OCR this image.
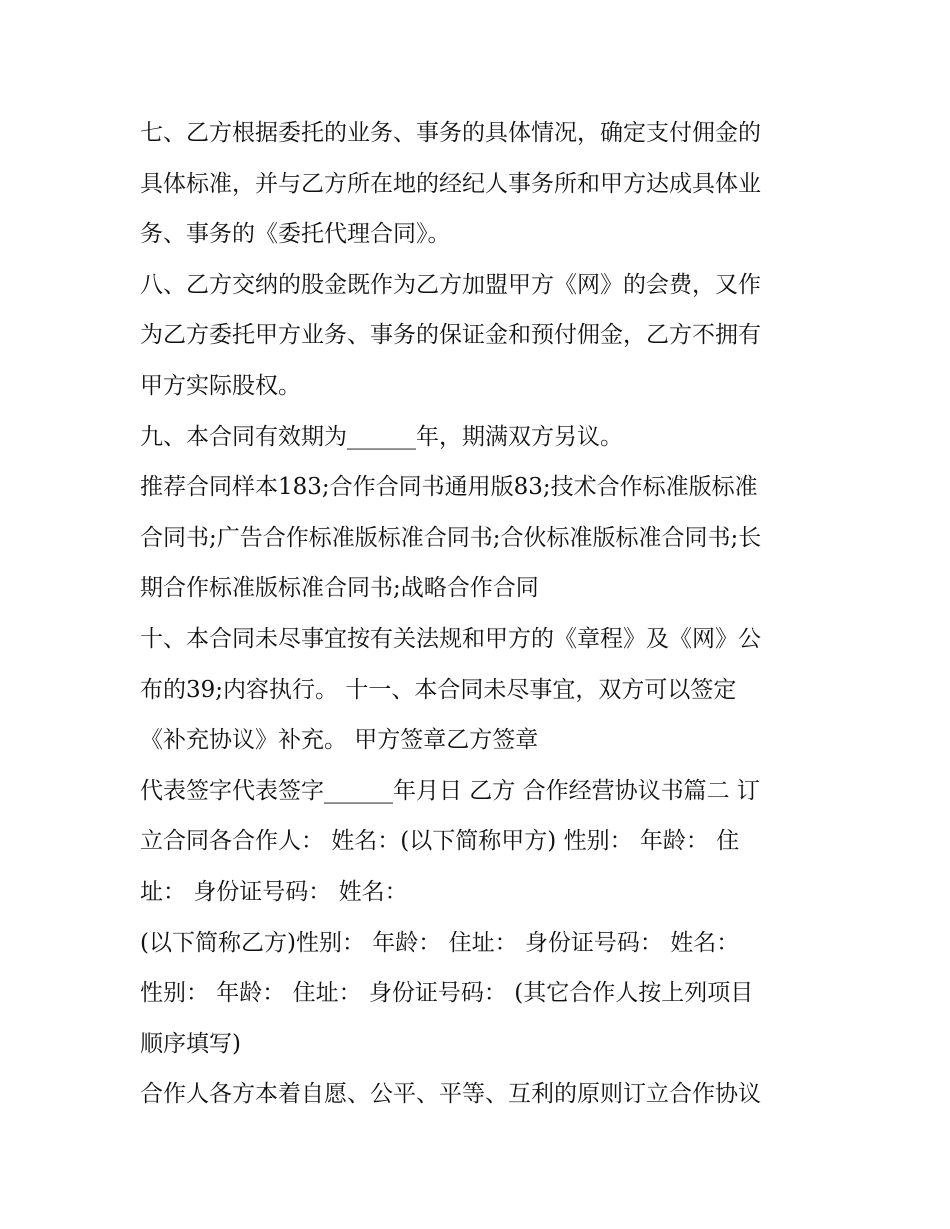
七、乙方根据委托的业务、事务的具体情况，确定支付佣金的
具体标准，并与乙方所在地的经纪人事务所和甲方达成具体业
务、事务的《委托代理合同》。
八、乙方交纳的股金既作为乙方加盟甲方《网》的会费，又作
为乙方委托甲方业务、事务的保证金和预付佣金，乙方不拥有
甲方实际股权。
九、本合同有效期为______年，期满双方另议。
推荐合同样本183;合作合同书通用版83;技术合作标准版标准
合同书;广告合作标准版标准合同书;合伙标准版标准合同书;长
期合作标准版标准合同书;战略合作合同
十、本合同未尽事宜按有关法规和甲方的《章程》及《网》公
布的39;内容执行。 十一、本合同未尽事宜，双方可以签定
《补充协议》补充。 甲方签章乙方签章
代表签字代表签字______年月日 乙方 合作经营协议书篇二 订
立合同各合作人： 姓名：(以下简称甲方) 性别： 年龄： 住
址： 身份证号码： 姓名：
(以下简称乙方)性别： 年龄： 住址： 身份证号码： 姓名：
性别： 年龄： 住址： 身份证号码： (其它合作人按上列项目
顺序填写)
合作人各方本着自愿、公平、平等、互利的原则订立合作协议
